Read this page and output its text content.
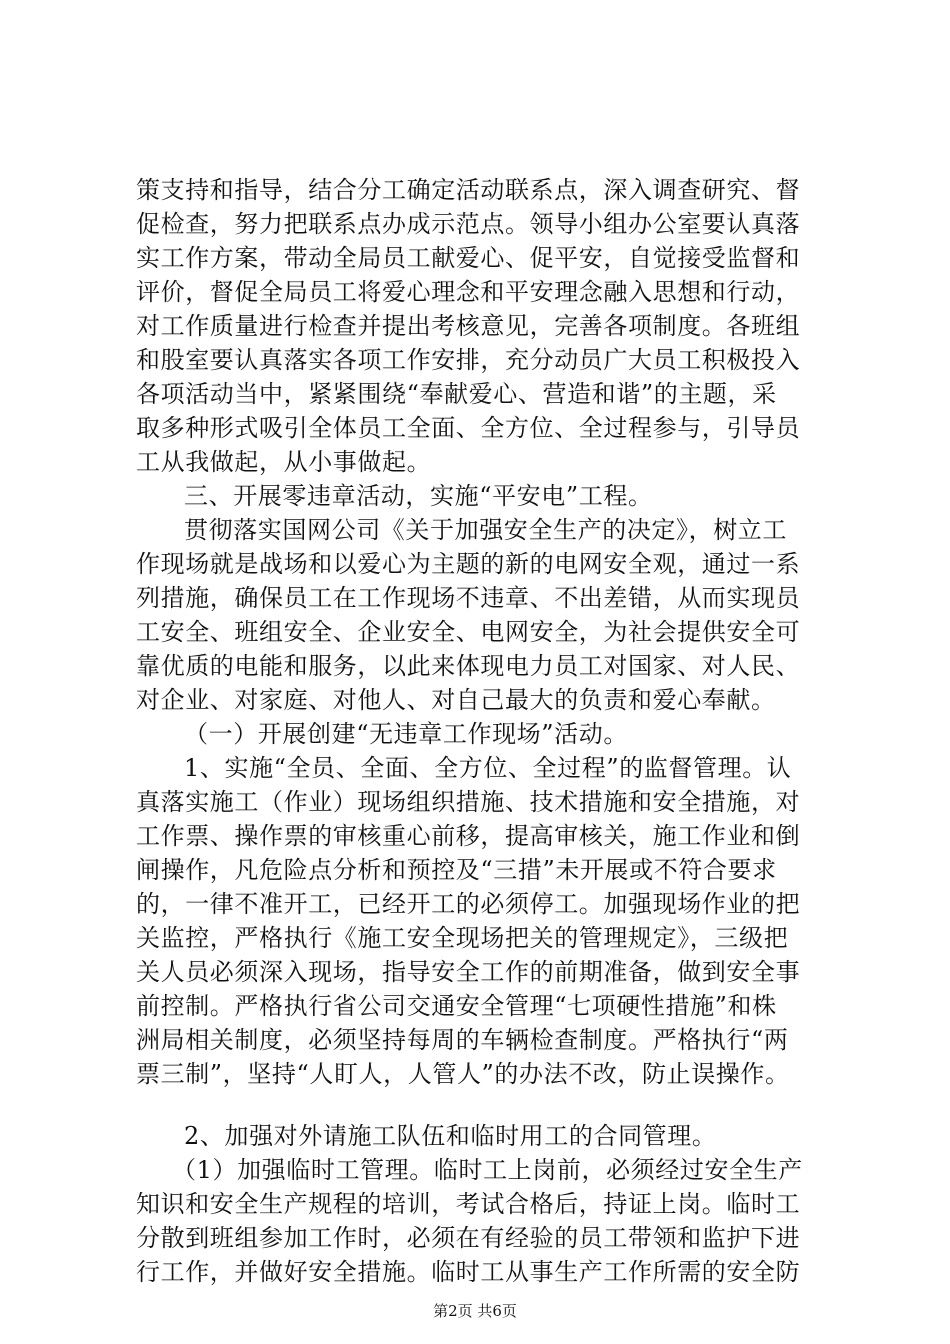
策支持和指导，结合分工确定活动联系点，深入调查研究、督
促检查，努力把联系点办成示范点。领导小组办公室要认真落
实工作方案，带动全局员工献爱心、促平安，自觉接受监督和
评价，督促全局员工将爱心理念和平安理念融入思想和行动，
对工作质量进行检查并提出考核意见，完善各项制度。各班组
和股室要认真落实各项工作安排，充分动员广大员工积极投入
各项活动当中，紧紧围绕“奉献爱心、营造和谐”的主题，采
取多种形式吸引全体员工全面、全方位、全过程参与，引导员
工从我做起，从小事做起。
三、开展零违章活动，实施“平安电”工程。
贯彻落实国网公司《关于加强安全生产的决定》，树立工
作现场就是战场和以爱心为主题的新的电网安全观，通过一系
列措施，确保员工在工作现场不违章、不出差错，从而实现员
工安全、班组安全、企业安全、电网安全，为社会提供安全可
靠优质的电能和服务，以此来体现电力员工对国家、对人民、
对企业、对家庭、对他人、对自己最大的负责和爱心奉献。
（一）开展创建“无违章工作现场”活动。
1、实施“全员、全面、全方位、全过程”的监督管理。认
真落实施工（作业）现场组织措施、技术措施和安全措施，对
工作票、操作票的审核重心前移，提高审核关，施工作业和倒
闸操作，凡危险点分析和预控及“三措”未开展或不符合要求
的，一律不准开工，已经开工的必须停工。加强现场作业的把
关监控，严格执行《施工安全现场把关的管理规定》，三级把
关人员必须深入现场，指导安全工作的前期准备，做到安全事
前控制。严格执行省公司交通安全管理“七项硬性措施”和株
洲局相关制度，必须坚持每周的车辆检查制度。严格执行“两
票三制”，坚持“人盯人，人管人”的办法不改，防止误操作。
2、加强对外请施工队伍和临时用工的合同管理。
（1）加强临时工管理。临时工上岗前，必须经过安全生产
知识和安全生产规程的培训，考试合格后，持证上岗。临时工
分散到班组参加工作时，必须在有经验的员工带领和监护下进
行工作，并做好安全措施。临时工从事生产工作所需的安全防
第2页 共6页
